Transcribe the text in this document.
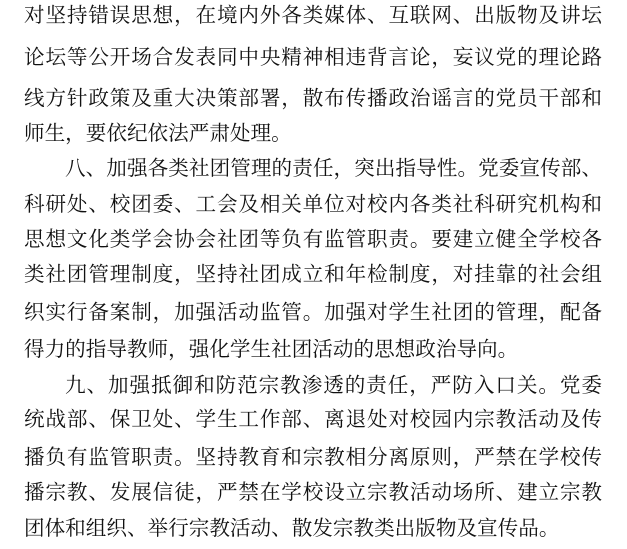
对坚持错误思想，在境内外各类媒体、互联网、出版物及讲坛

论坛等公开场合发表同中央精神相违背言论，妄议党的理论路

线方针政策及重大决策部署，散布传播政治谣言的党员干部和

师生，要依纪依法严肃处理。

八、加强各类社团管理的责任，突出指导性。党委宣传部、

科研处、校团委、工会及相关单位对校内各类社科研究机构和

思想文化类学会协会社团等负有监管职责。要建立健全学校各

类社团管理制度，坚持社团成立和年检制度，对挂靠的社会组

织实行备案制，加强活动监管。加强对学生社团的管理，配备

得力的指导教师，强化学生社团活动的思想政治导向。

九、加强抵御和防范宗教渗透的责任，严防入口关。党委

统战部、保卫处、学生工作部、离退处对校园内宗教活动及传

播负有监管职责。坚持教育和宗教相分离原则，严禁在学校传

播宗教、发展信徒，严禁在学校设立宗教活动场所、建立宗教

团体和组织、举行宗教活动、散发宗教类出版物及宣传品。
